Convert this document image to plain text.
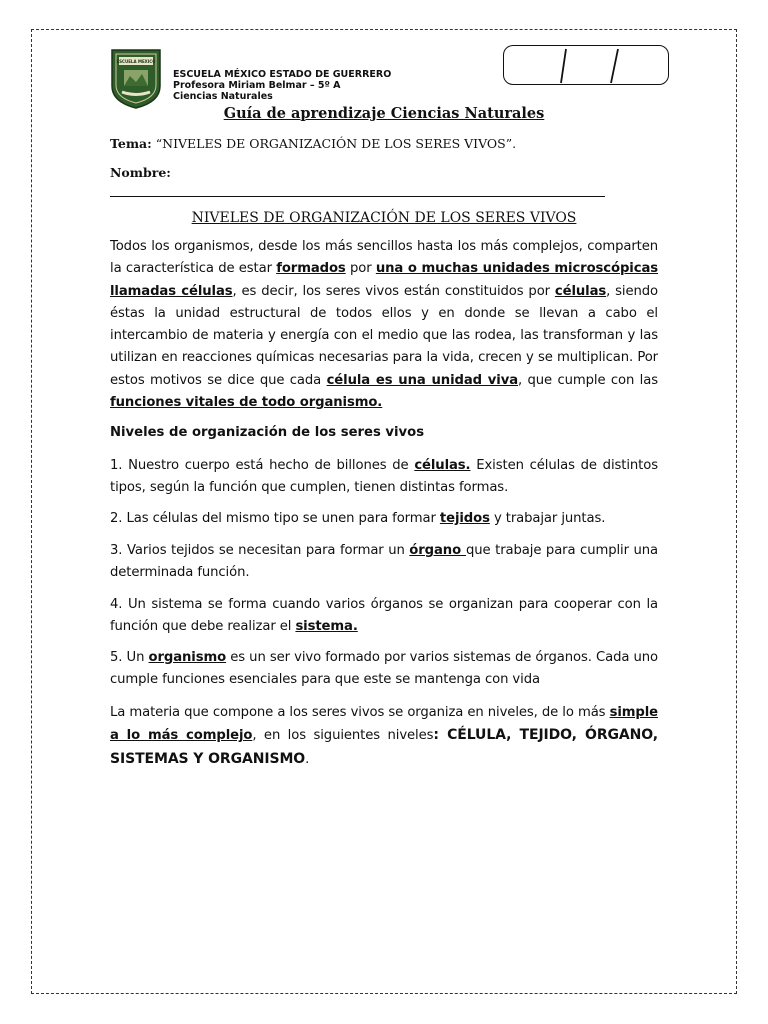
ESCUELA MEXICO
ESCUELA MÉXICO ESTADO DE GUERRERO
Profesora Miriam Belmar – 5º A
Ciencias Naturales
Guía de aprendizaje Ciencias Naturales
Tema: “NIVELES DE ORGANIZACIÓN DE LOS SERES VIVOS”.
Nombre:
NIVELES DE ORGANIZACIÓN DE LOS SERES VIVOS
Todos los organismos, desde los más sencillos hasta los más complejos, comparten la característica de estar formados por una o muchas unidades microscópicas llamadas células, es decir, los seres vivos están constituidos por células, siendo éstas la unidad estructural de todos ellos y en donde se llevan a cabo el intercambio de materia y energía con el medio que las rodea, las transforman y las utilizan en reacciones químicas necesarias para la vida, crecen y se multiplican. Por estos motivos se dice que cada célula es una unidad viva, que cumple con las funciones vitales de todo organismo.
Niveles de organización de los seres vivos
1. Nuestro cuerpo está hecho de billones de células. Existen células de distintos tipos, según la función que cumplen, tienen distintas formas.
2. Las células del mismo tipo se unen para formar tejidos y trabajar juntas.
3. Varios tejidos se necesitan para formar un órgano que trabaje para cumplir una determinada función.
4. Un sistema se forma cuando varios órganos se organizan para cooperar con la función que debe realizar el sistema.
5. Un organismo es un ser vivo formado por varios sistemas de órganos. Cada uno cumple funciones esenciales para que este se mantenga con vida
La materia que compone a los seres vivos se organiza en niveles, de lo más simple a lo más complejo, en los siguientes niveles: CÉLULA, TEJIDO, ÓRGANO, SISTEMAS Y ORGANISMO.
